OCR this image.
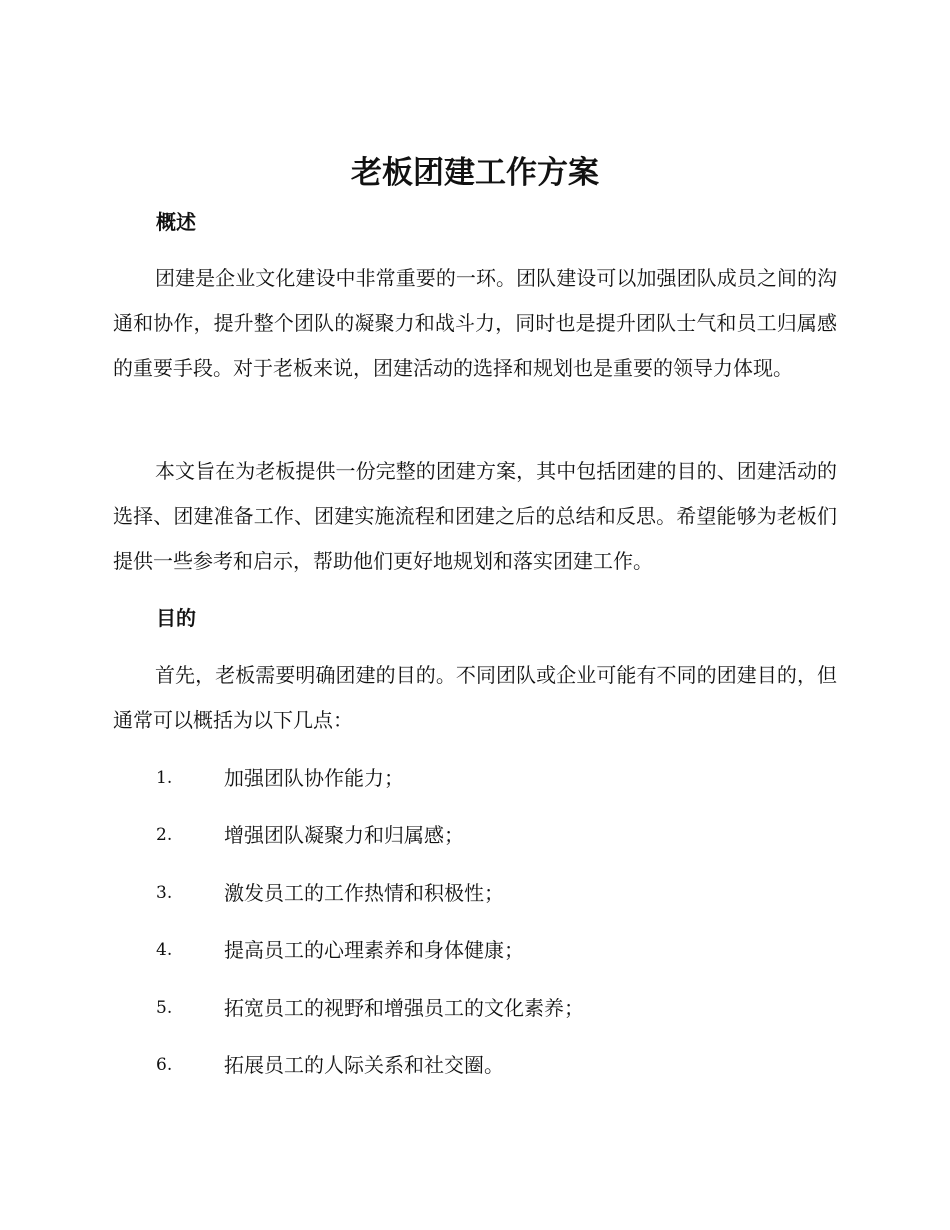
老板团建工作方案
概述

团建是企业文化建设中非常重要的一环。团队建设可以加强团队成员之间的沟通和协作，提升整个团队的凝聚力和战斗力，同时也是提升团队士气和员工归属感的重要手段。对于老板来说，团建活动的选择和规划也是重要的领导力体现。

本文旨在为老板提供一份完整的团建方案，其中包括团建的目的、团建活动的选择、团建准备工作、团建实施流程和团建之后的总结和反思。希望能够为老板们提供一些参考和启示，帮助他们更好地规划和落实团建工作。

目的

首先，老板需要明确团建的目的。不同团队或企业可能有不同的团建目的，但通常可以概括为以下几点：

1.	加强团队协作能力；
2.	增强团队凝聚力和归属感；
3.	激发员工的工作热情和积极性；
4.	提高员工的心理素养和身体健康；
5.	拓宽员工的视野和增强员工的文化素养；
6.	拓展员工的人际关系和社交圈。
